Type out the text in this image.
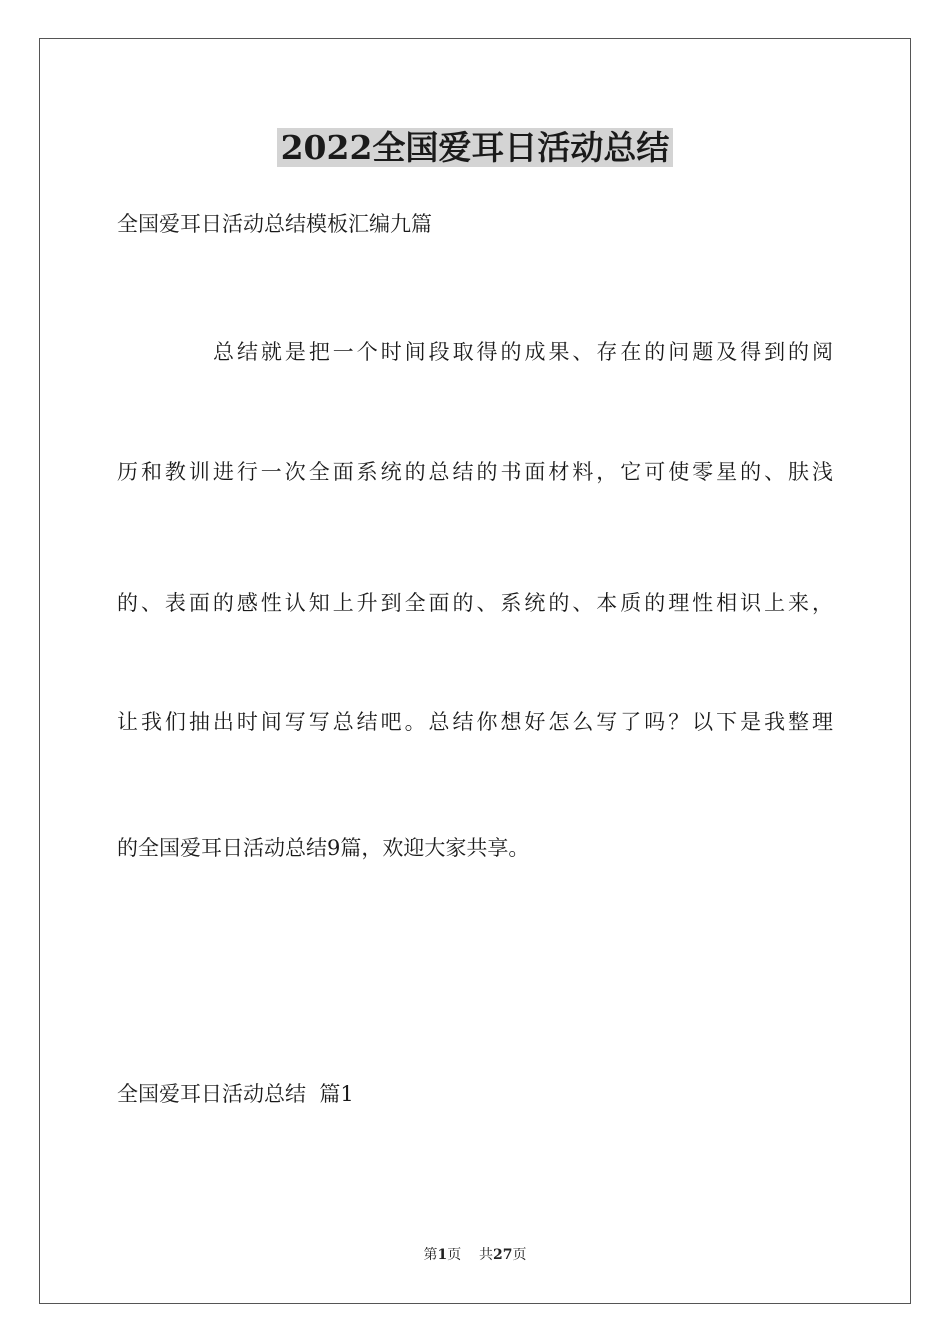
2022全国爱耳日活动总结
全国爱耳日活动总结模板汇编九篇
总结就是把一个时间段取得的成果、存在的问题及得到的阅
历和教训进行一次全面系统的总结的书面材料，它可使零星的、肤浅
的、表面的感性认知上升到全面的、系统的、本质的理性相识上来，
让我们抽出时间写写总结吧。总结你想好怎么写了吗？以下是我整理
的全国爱耳日活动总结9篇，欢迎大家共享。
全国爱耳日活动总结  篇1
第1页    共27页
